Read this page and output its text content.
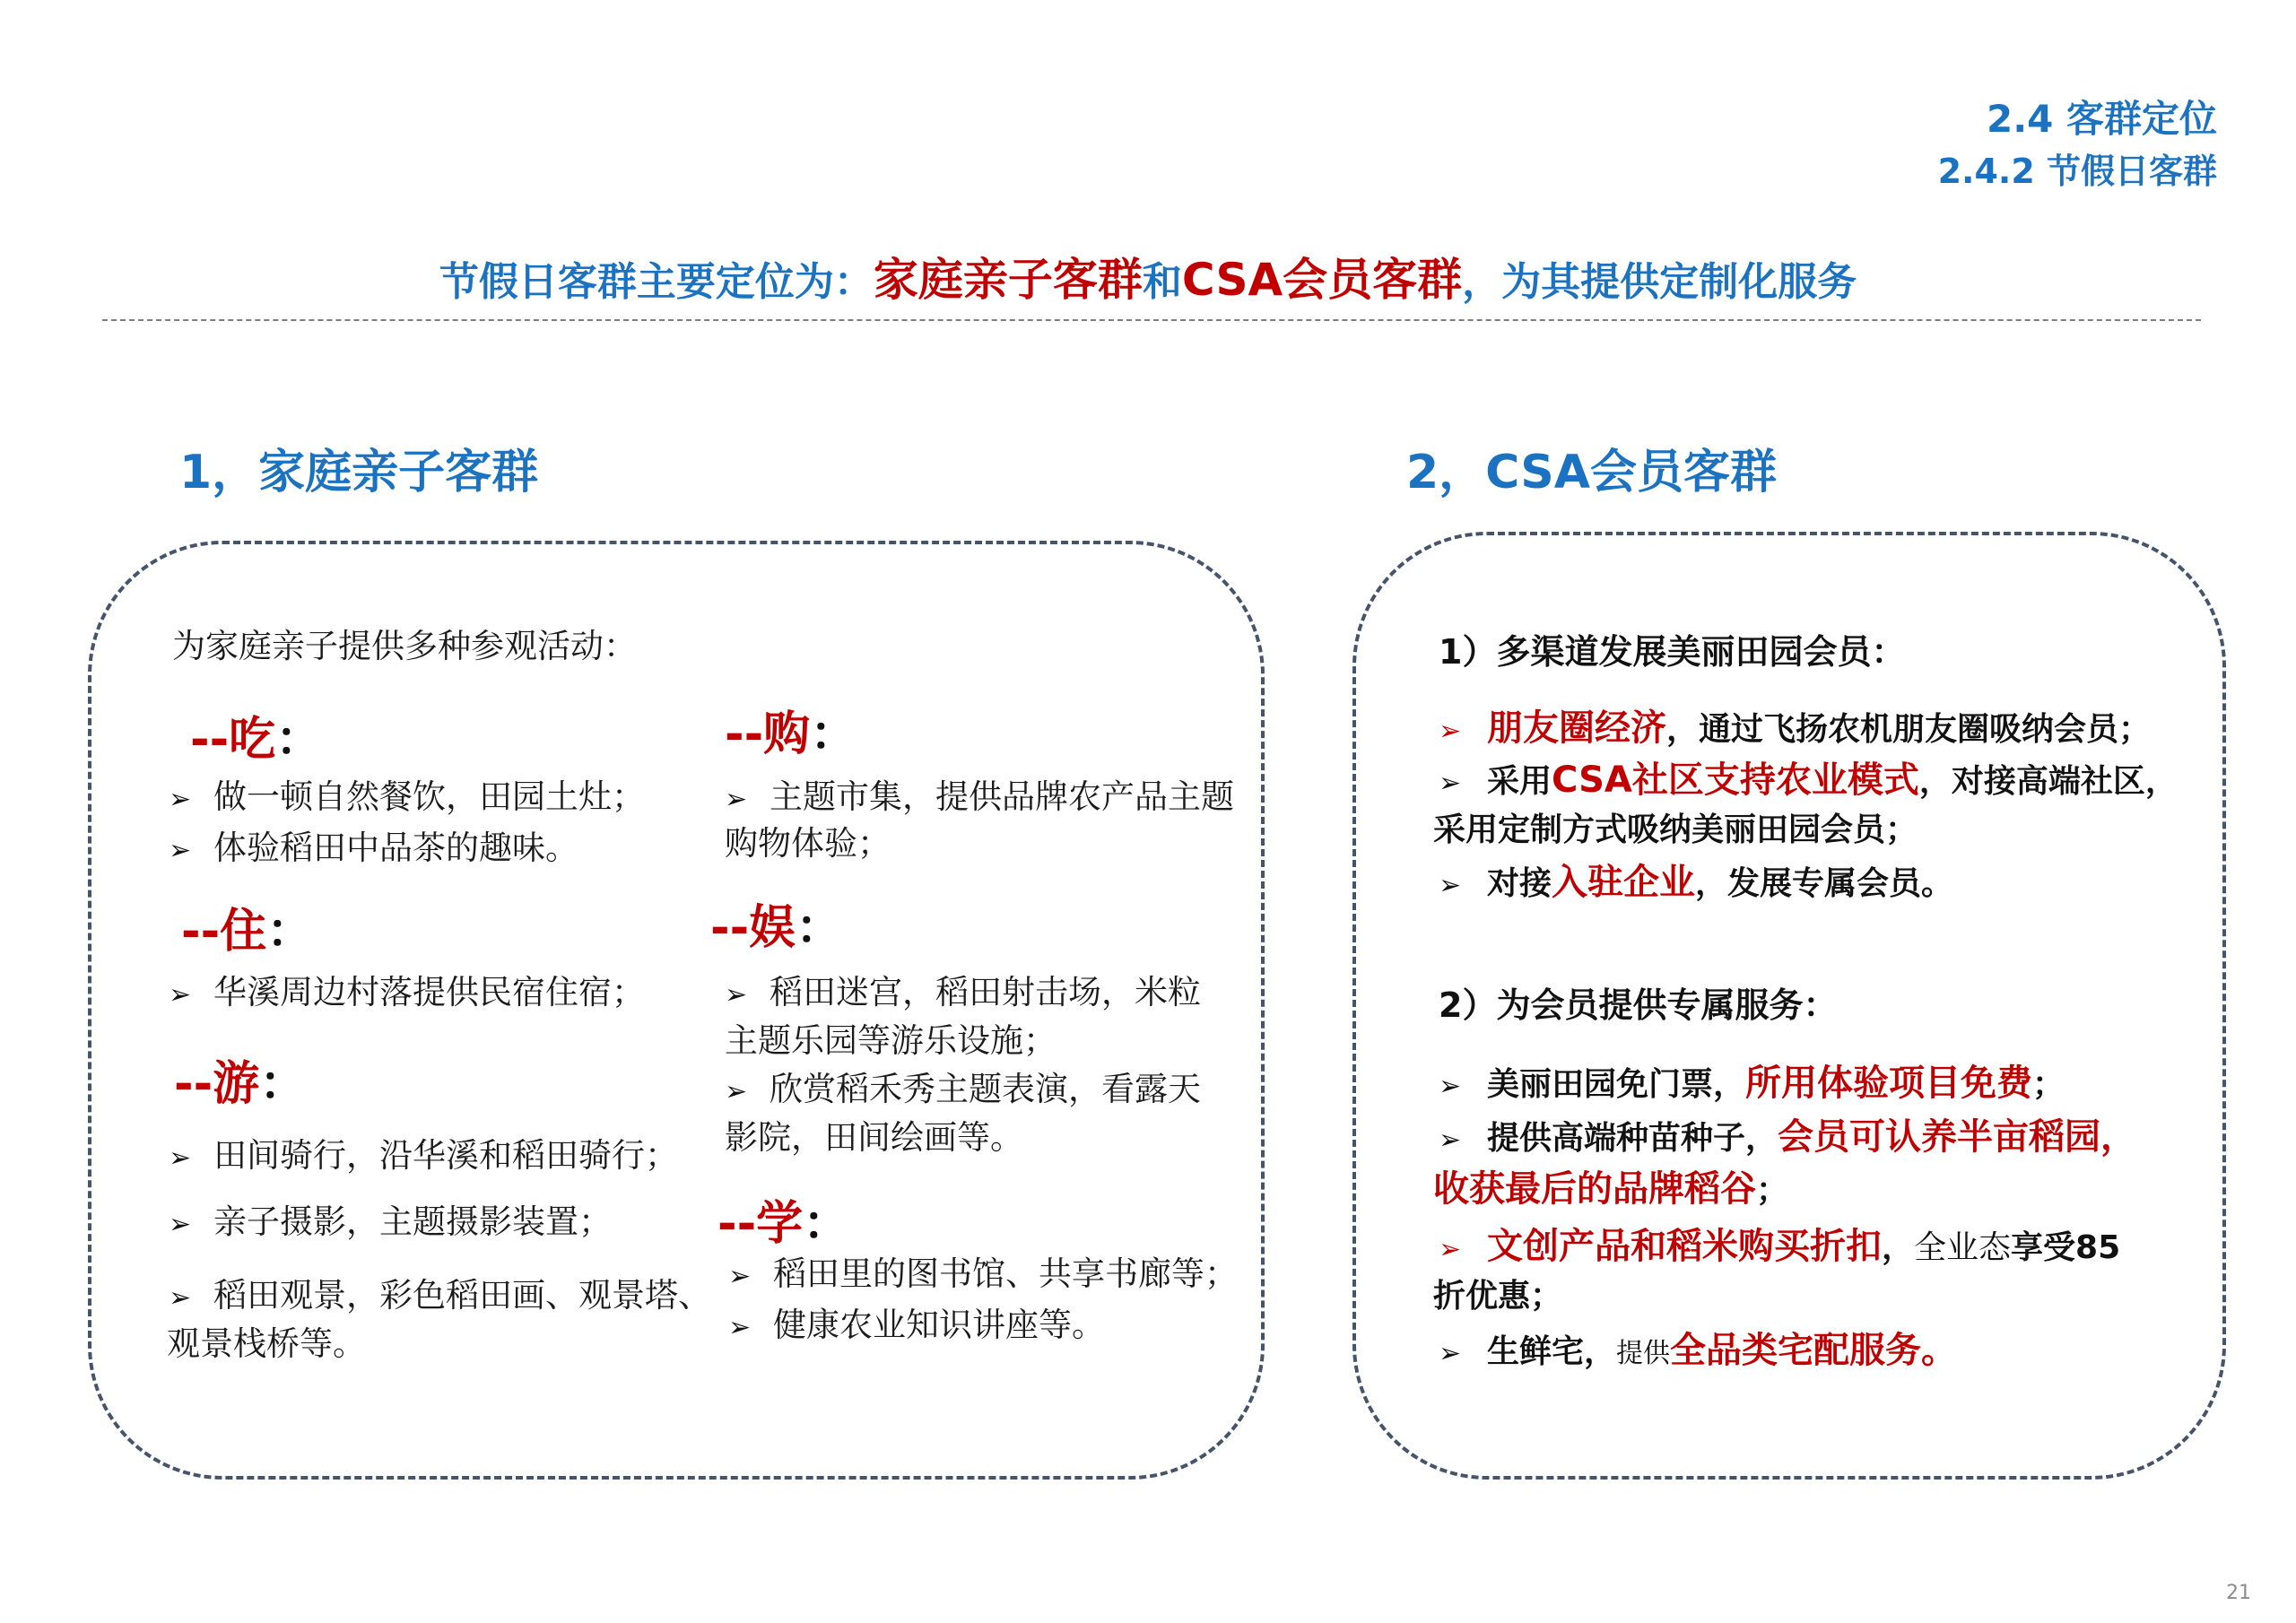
2.4 客群定位
2.4.2 节假日客群
节假日客群主要定位为：家庭亲子客群和CSA会员客群，为其提供定制化服务
1，家庭亲子客群	2，CSA会员客群
为家庭亲子提供多种参观活动：
--吃：
➢ 做一顿自然餐饮，田园土灶；
➢ 体验稻田中品茶的趣味。
--住：
➢ 华溪周边村落提供民宿住宿；
--游：
➢ 田间骑行，沿华溪和稻田骑行；
➢ 亲子摄影，主题摄影装置；
➢ 稻田观景，彩色稻田画、观景塔、
观景栈桥等。
--购：
➢ 主题市集，提供品牌农产品主题
购物体验；
--娱：
➢ 稻田迷宫，稻田射击场，米粒
主题乐园等游乐设施；
➢ 欣赏稻禾秀主题表演，看露天
影院，田间绘画等。
--学：
➢ 稻田里的图书馆、共享书廊等；
➢ 健康农业知识讲座等。
1）多渠道发展美丽田园会员：
➢ 朋友圈经济，通过飞扬农机朋友圈吸纳会员；
➢ 采用CSA社区支持农业模式，对接高端社区，
采用定制方式吸纳美丽田园会员；
➢ 对接入驻企业，发展专属会员。
2）为会员提供专属服务：
➢ 美丽田园免门票，所用体验项目免费；
➢ 提供高端种苗种子，会员可认养半亩稻园，
收获最后的品牌稻谷；
➢ 文创产品和稻米购买折扣，全业态享受85
折优惠；
➢ 生鲜宅，提供全品类宅配服务。
21
